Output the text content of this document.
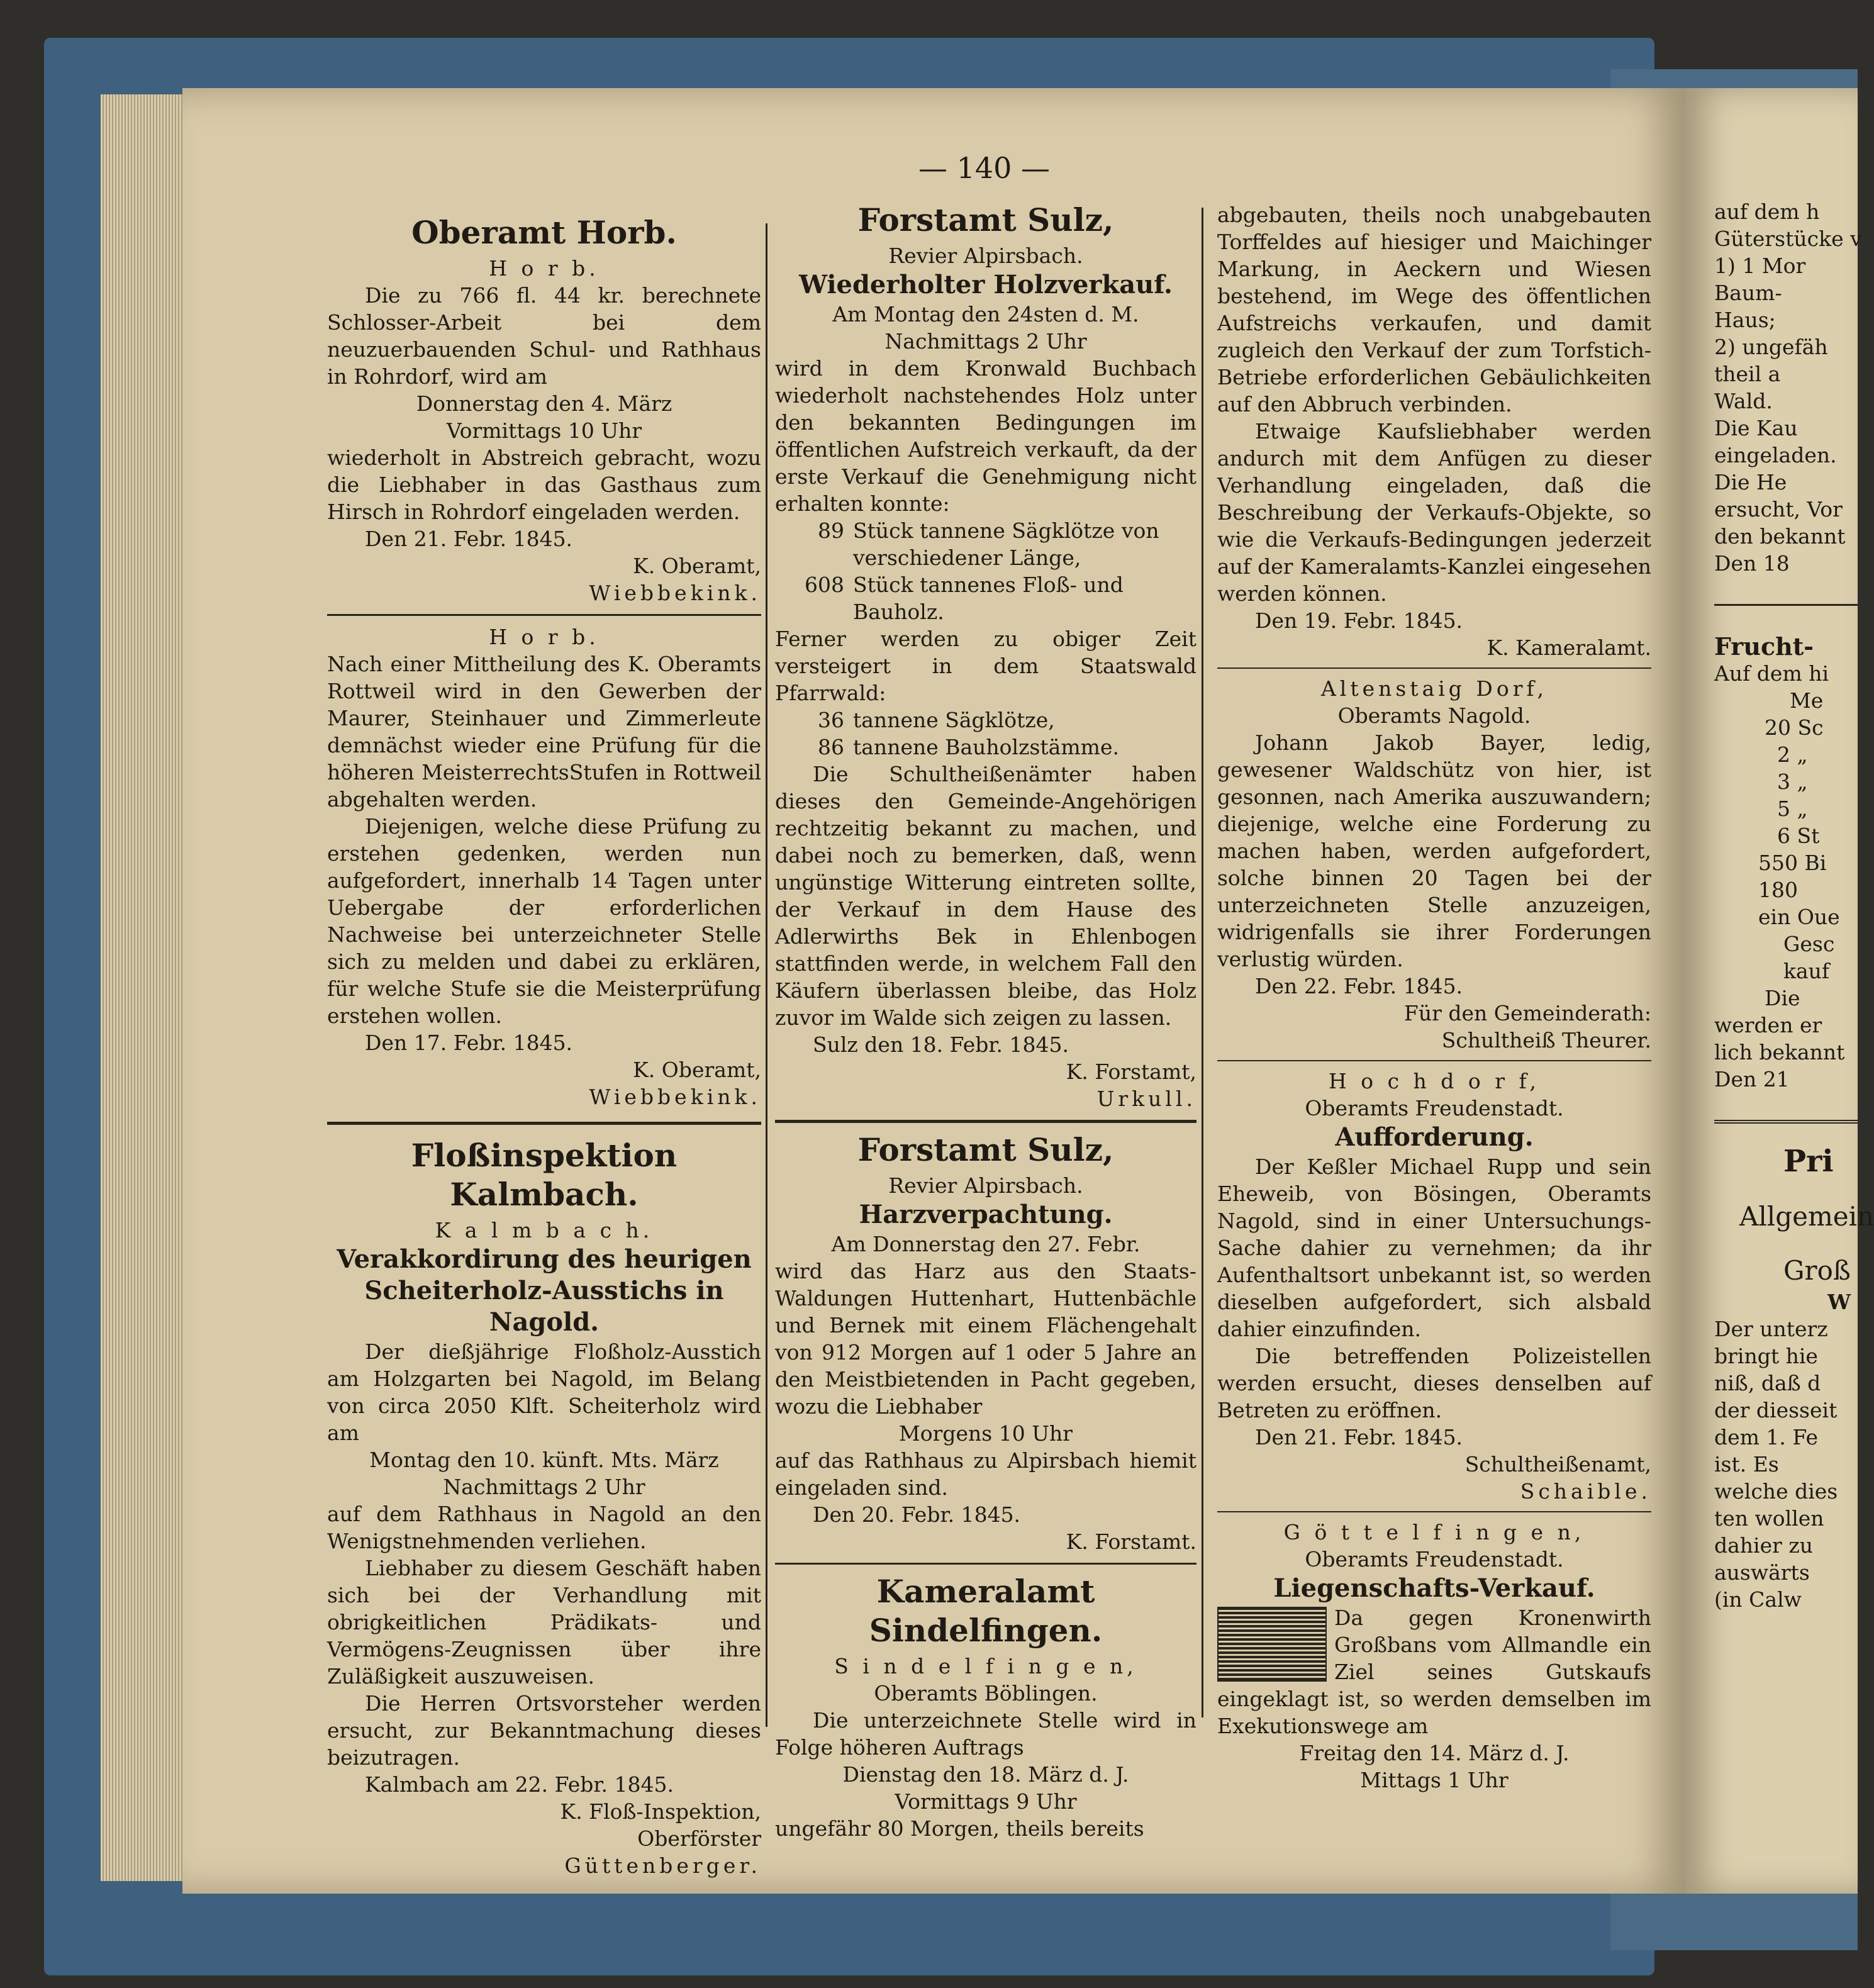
— 140 —
Oberamt Horb.

H o r b.

Die zu 766 fl. 44 kr. berechnete Schlosser-Arbeit bei dem neuzuerbauenden Schul- und Rathhaus in Rohrdorf, wird am

Donnerstag den 4. März

Vormittags 10 Uhr

wiederholt in Abstreich gebracht, wozu die Liebhaber in das Gasthaus zum Hirsch in Rohrdorf eingeladen werden.

Den 21. Febr. 1845.

K. Oberamt,

Wiebbekink.

H o r b.

Nach einer Mittheilung des K. Oberamts Rottweil wird in den Gewerben der Maurer, Steinhauer und Zimmerleute demnächst wieder eine Prüfung für die höheren MeisterrechtsStufen in Rottweil abgehalten werden.

Diejenigen, welche diese Prüfung zu erstehen gedenken, werden nun aufgefordert, innerhalb 14 Tagen unter Uebergabe der erforderlichen Nachweise bei unterzeichneter Stelle sich zu melden und dabei zu erklären, für welche Stufe sie die Meisterprüfung erstehen wollen.

Den 17. Febr. 1845.

K. Oberamt,

Wiebbekink.

Floßinspektion Kalmbach.

K a l m b a c h.

Verakkordirung des heurigen Scheiterholz-Ausstichs in Nagold.

Der dießjährige Floßholz-Ausstich am Holzgarten bei Nagold, im Belang von circa 2050 Klft. Scheiterholz wird am

Montag den 10. künft. Mts. März

Nachmittags 2 Uhr

auf dem Rathhaus in Nagold an den Wenigstnehmenden verliehen.

Liebhaber zu diesem Geschäft haben sich bei der Verhandlung mit obrigkeitlichen Prädikats- und Vermögens-Zeugnissen über ihre Zuläßigkeit auszuweisen.

Die Herren Ortsvorsteher werden ersucht, zur Bekanntmachung dieses beizutragen.

Kalmbach am 22. Febr. 1845.

K. Floß-Inspektion,

Oberförster

Güttenberger.

Forstamt Sulz,

Revier Alpirsbach.

Wiederholter Holzverkauf.

Am Montag den 24sten d. M.

Nachmittags 2 Uhr

wird in dem Kronwald Buchbach wiederholt nachstehendes Holz unter den bekannten Bedingungen im öffentlichen Aufstreich verkauft, da der erste Verkauf die Genehmigung nicht erhalten konnte:

89 Stück tannene Sägklötze von verschiedener Länge,
608 Stück tannenes Floß- und Bauholz.

Ferner werden zu obiger Zeit versteigert in dem Staatswald Pfarrwald:

36 tannene Sägklötze,
86 tannene Bauholzstämme.

Die Schultheißenämter haben dieses den Gemeinde-Angehörigen rechtzeitig bekannt zu machen, und dabei noch zu bemerken, daß, wenn ungünstige Witterung eintreten sollte, der Verkauf in dem Hause des Adlerwirths Bek in Ehlenbogen stattfinden werde, in welchem Fall den Käufern überlassen bleibe, das Holz zuvor im Walde sich zeigen zu lassen.

Sulz den 18. Febr. 1845.

K. Forstamt,

Urkull.

Forstamt Sulz,

Revier Alpirsbach.

Harzverpachtung.

Am Donnerstag den 27. Febr.

wird das Harz aus den Staats-Waldungen Huttenhart, Huttenbächle und Bernek mit einem Flächengehalt von 912 Morgen auf 1 oder 5 Jahre an den Meistbietenden in Pacht gegeben, wozu die Liebhaber

Morgens 10 Uhr

auf das Rathhaus zu Alpirsbach hiemit eingeladen sind.

Den 20. Febr. 1845.

K. Forstamt.

Kameralamt Sindelfingen.

S i n d e l f i n g e n,

Oberamts Böblingen.

Die unterzeichnete Stelle wird in Folge höheren Auftrags

Dienstag den 18. März d. J.

Vormittags 9 Uhr

ungefähr 80 Morgen, theils bereits

abgebauten, theils noch unabgebauten Torffeldes auf hiesiger und Maichinger Markung, in Aeckern und Wiesen bestehend, im Wege des öffentlichen Aufstreichs verkaufen, und damit zugleich den Verkauf der zum Torfstich-Betriebe erforderlichen Gebäulichkeiten auf den Abbruch verbinden.

Etwaige Kaufsliebhaber werden andurch mit dem Anfügen zu dieser Verhandlung eingeladen, daß die Beschreibung der Verkaufs-Objekte, so wie die Verkaufs-Bedingungen jederzeit auf der Kameralamts-Kanzlei eingesehen werden können.

Den 19. Febr. 1845.

K. Kameralamt.

Altenstaig Dorf,

Oberamts Nagold.

Johann Jakob Bayer, ledig, gewesener Waldschütz von hier, ist gesonnen, nach Amerika auszuwandern; diejenige, welche eine Forderung zu machen haben, werden aufgefordert, solche binnen 20 Tagen bei der unterzeichneten Stelle anzuzeigen, widrigenfalls sie ihrer Forderungen verlustig würden.

Den 22. Febr. 1845.

Für den Gemeinderath:

Schultheiß Theurer.

H o c h d o r f,

Oberamts Freudenstadt.

Aufforderung.

Der Keßler Michael Rupp und sein Eheweib, von Bösingen, Oberamts Nagold, sind in einer Untersuchungs-Sache dahier zu vernehmen; da ihr Aufenthaltsort unbekannt ist, so werden dieselben aufgefordert, sich alsbald dahier einzufinden.

Die betreffenden Polizeistellen werden ersucht, dieses denselben auf Betreten zu eröffnen.

Den 21. Febr. 1845.

Schultheißenamt,

Schaible.

G ö t t e l f i n g e n,

Oberamts Freudenstadt.

Liegenschafts-Verkauf.

Da gegen Kronenwirth Großbans vom Allmandle ein Ziel seines Gutskaufs eingeklagt ist, so werden demselben im Exekutionswege am

Freitag den 14. März d. J.

Mittags 1 Uhr

auf dem h
Güterstücke v
1) 1 Mor
Baum-
Haus;
2) ungefäh
theil a
Wald.
Die Kau
eingeladen.
Die He
ersucht, Vor
den bekannt
Den 18
Frucht-
Auf dem hi
Me
20 Sc
2 „
3 „
5 „
6 St
550 Bi
180
ein Oue
Gesc
kauf
Die
werden er
lich bekannt
Den 21
Pri
Allgemein
Groß
W
Der unterz
bringt hie
niß, daß d
der diesseit
dem 1. Fe
ist. Es
welche dies
ten wollen
dahier zu
auswärts
(in Calw
